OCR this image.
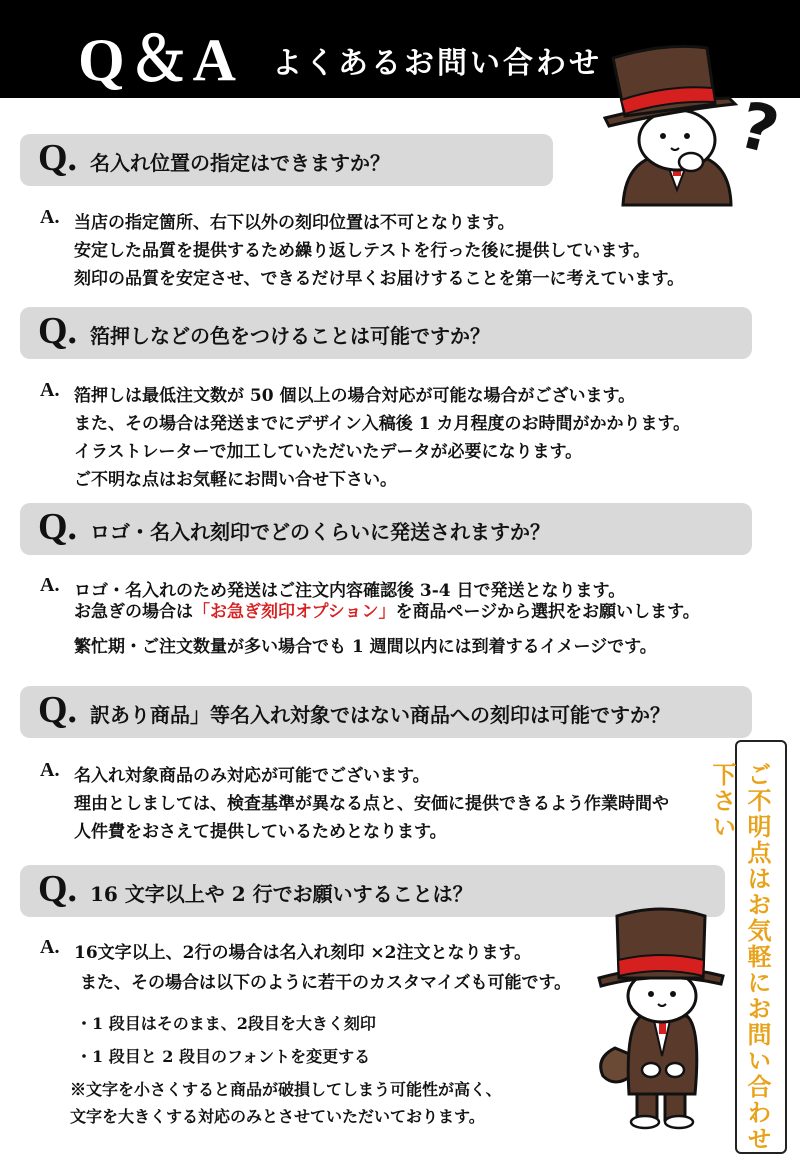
Q＆A よくあるお問い合わせ
?
Q. 名入れ位置の指定はできますか？
A. 当店の指定箇所、右下以外の刻印位置は不可となります。
安定した品質を提供するため繰り返しテストを行った後に提供しています。
刻印の品質を安定させ、できるだけ早くお届けすることを第一に考えています。
Q. 箔押しなどの色をつけることは可能ですか？
A. 箔押しは最低注文数が 50 個以上の場合対応が可能な場合がございます。
また、その場合は発送までにデザイン入稿後 1 カ月程度のお時間がかかります。
イラストレーターで加工していただいたデータが必要になります。
ご不明な点はお気軽にお問い合せ下さい。
Q. ロゴ・名入れ刻印でどのくらいに発送されますか？
A. ロゴ・名入れのため発送はご注文内容確認後 3-4 日で発送となります。
お急ぎの場合は「お急ぎ刻印オプション」を商品ページから選択をお願いします。
繁忙期・ご注文数量が多い場合でも 1 週間以内には到着するイメージです。
Q. 訳あり商品」等名入れ対象ではない商品への刻印は可能ですか？
A. 名入れ対象商品のみ対応が可能でございます。
理由としましては、検査基準が異なる点と、安価に提供できるよう作業時間や
人件費をおさえて提供しているためとなります。
Q. 16 文字以上や 2 行でお願いすることは？
A. 16文字以上、2行の場合は名入れ刻印 ×2注文となります。
また、その場合は以下のように若干のカスタマイズも可能です。
・1 段目はそのまま、2段目を大きく刻印
・1 段目と 2 段目のフォントを変更する
※文字を小さくすると商品が破損してしまう可能性が高く、
文字を大きくする対応のみとさせていただいております。	ご不明点はお気軽にお問い合わせ下さい
